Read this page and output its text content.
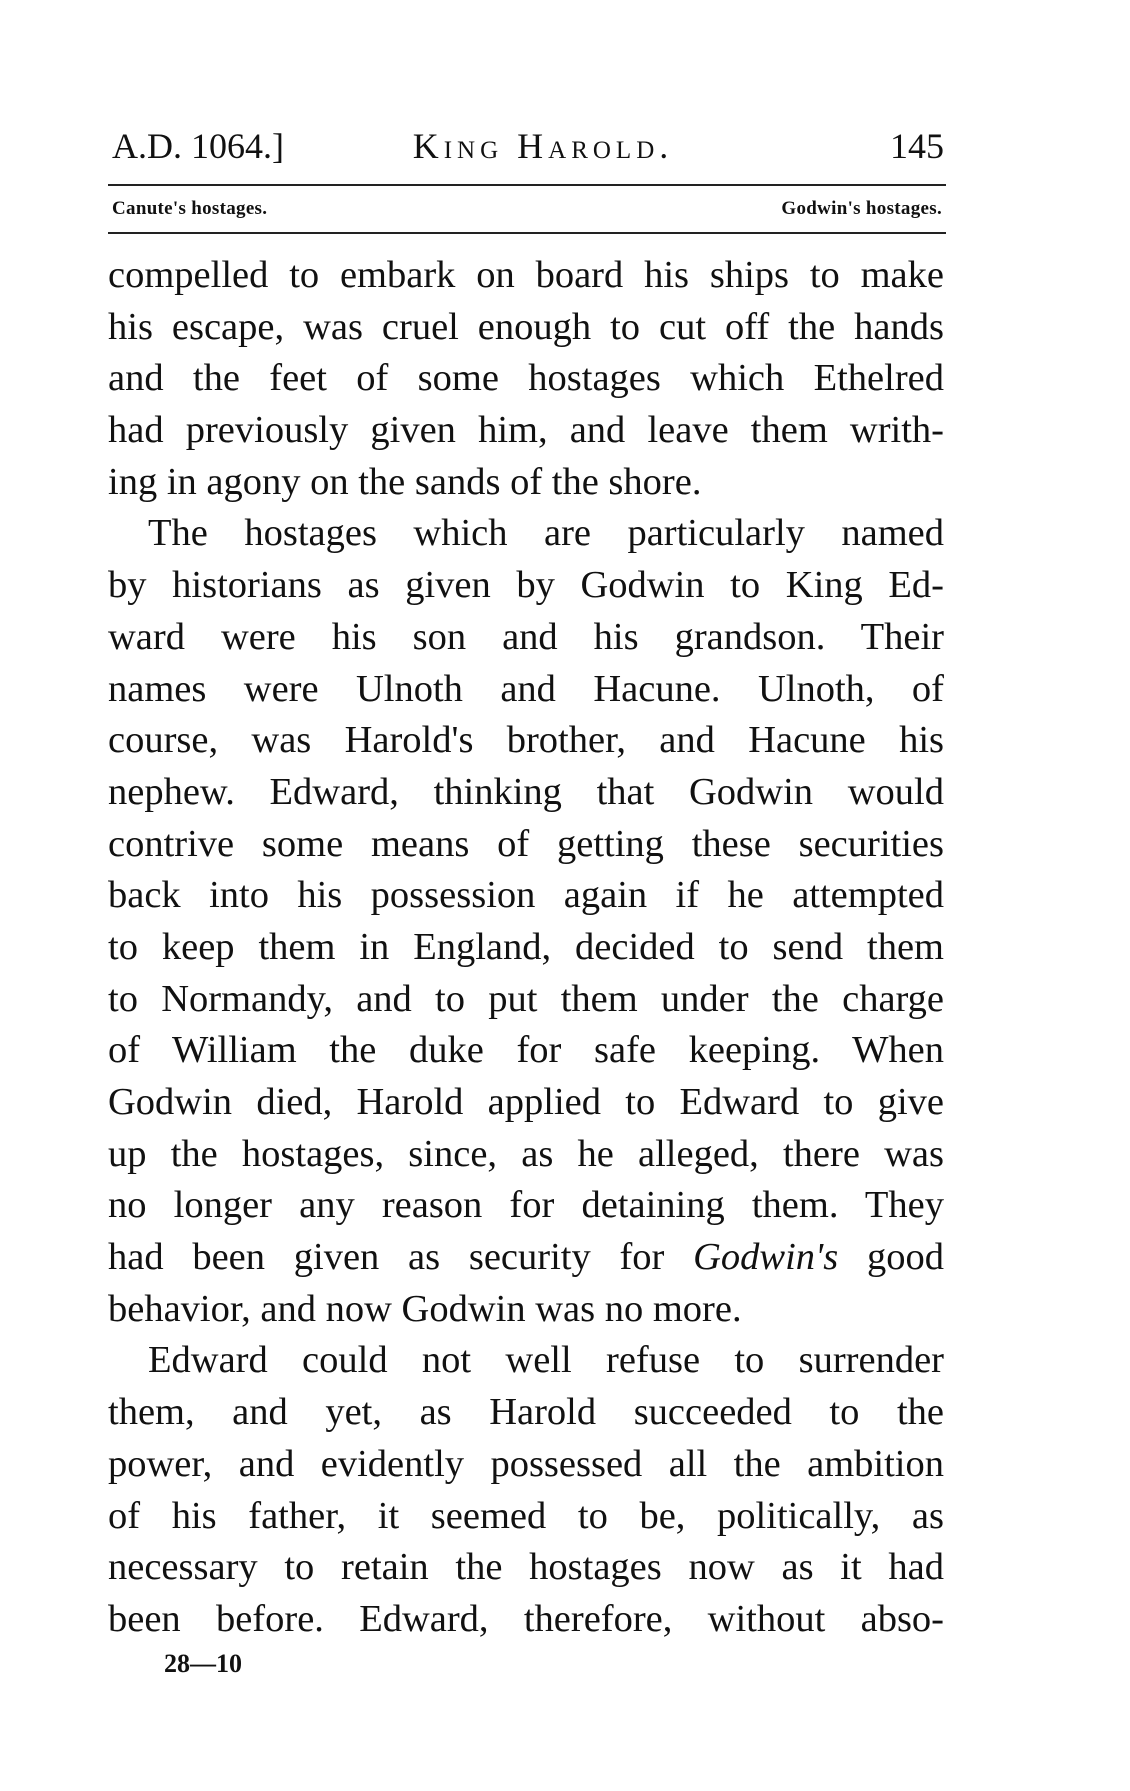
A.D. 1064.]	King Harold.	145
Canute's hostages.	Godwin's hostages.
compelled to embark on board his ships to make
his escape, was cruel enough to cut off the hands
and the feet of some hostages which Ethelred
had previously given him, and leave them writh-
ing in agony on the sands of the shore.
The hostages which are particularly named
by historians as given by Godwin to King Ed-
ward were his son and his grandson. Their
names were Ulnoth and Hacune. Ulnoth, of
course, was Harold's brother, and Hacune his
nephew. Edward, thinking that Godwin would
contrive some means of getting these securities
back into his possession again if he attempted
to keep them in England, decided to send them
to Normandy, and to put them under the charge
of William the duke for safe keeping. When
Godwin died, Harold applied to Edward to give
up the hostages, since, as he alleged, there was
no longer any reason for detaining them. They
had been given as security for Godwin's good
behavior, and now Godwin was no more.
Edward could not well refuse to surrender
them, and yet, as Harold succeeded to the
power, and evidently possessed all the ambition
of his father, it seemed to be, politically, as
necessary to retain the hostages now as it had
been before. Edward, therefore, without abso-
28—10
